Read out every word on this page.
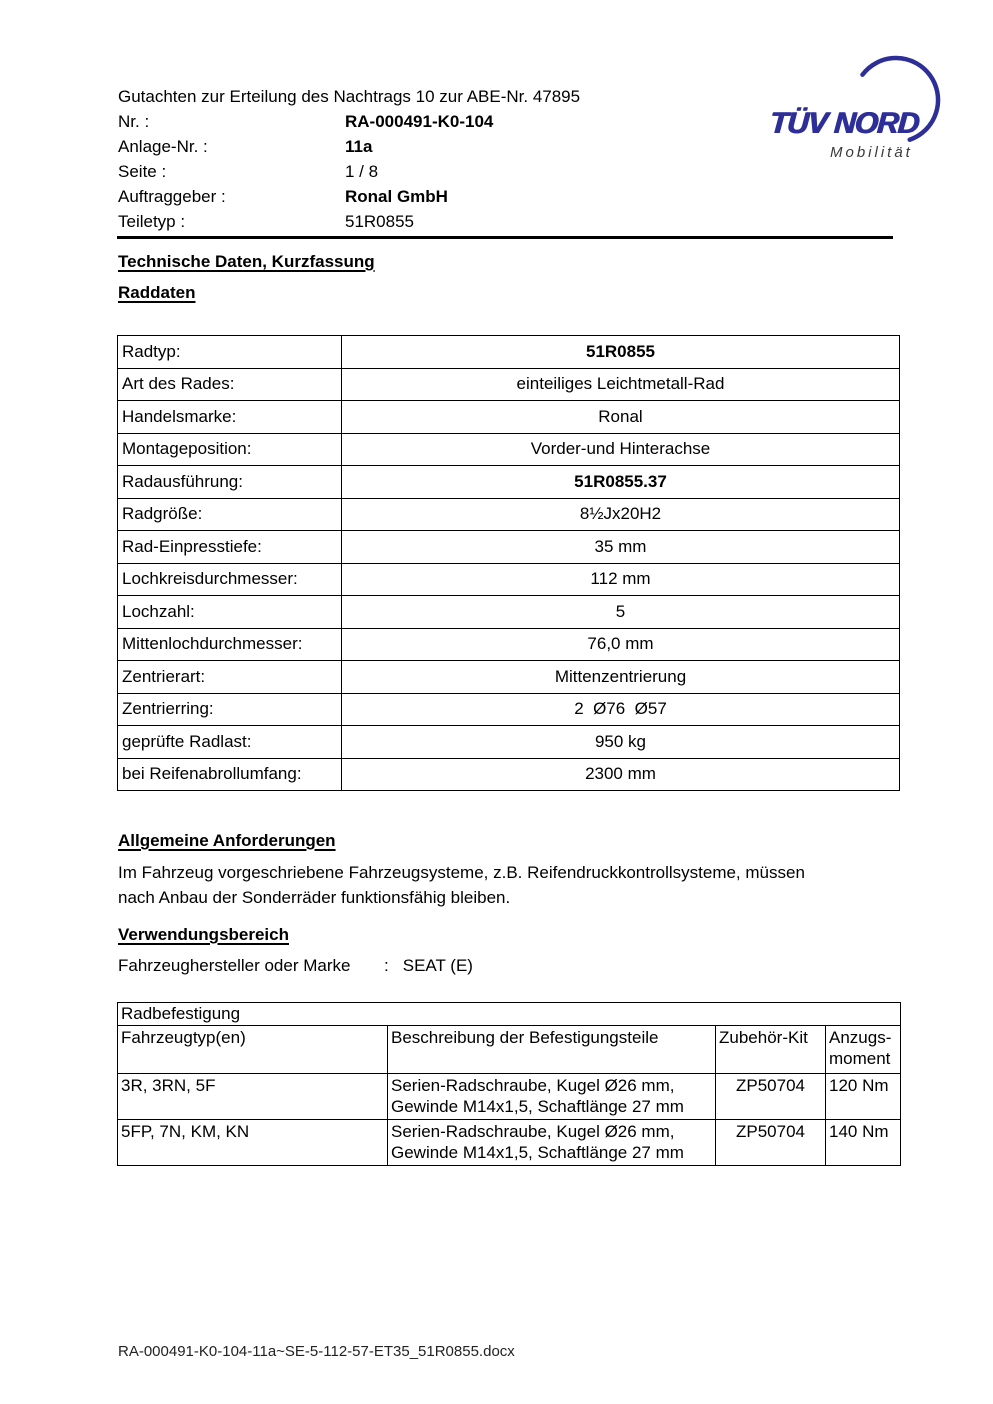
Gutachten zur Erteilung des Nachtrags 10 zur ABE-Nr. 47895
Nr. :	RA-000491-K0-104
Anlage-Nr. :	11a
Seite :	1 / 8
Auftraggeber :	Ronal GmbH
Teiletyp :	51R0855
TÜV NORD
Mobilität
Technische Daten, Kurzfassung
Raddaten
Radtyp:	51R0855
Art des Rades:	einteiliges Leichtmetall-Rad
Handelsmarke:	Ronal
Montageposition:	Vorder-und Hinterachse
Radausführung:	51R0855.37
Radgröße:	8½Jx20H2
Rad-Einpresstiefe:	35 mm
Lochkreisdurchmesser:	112 mm
Lochzahl:	5
Mittenlochdurchmesser:	76,0 mm
Zentrierart:	Mittenzentrierung
Zentrierring:	2  Ø76  Ø57
geprüfte Radlast:	950 kg
bei Reifenabrollumfang:	2300 mm
Allgemeine Anforderungen
Im Fahrzeug vorgeschriebene Fahrzeugsysteme, z.B. Reifendruckkontrollsysteme, müssen
nach Anbau der Sonderräder funktionsfähig bleiben.
Verwendungsbereich
Fahrzeughersteller oder Marke	: SEAT (E)
Radbefestigung			
Fahrzeugtyp(en)	Beschreibung der Befestigungsteile	Zubehör-Kit	Anzugs-moment
3R, 3RN, 5F	Serien-Radschraube, Kugel Ø26 mm,
Gewinde M14x1,5, Schaftlänge 27 mm	ZP50704	120 Nm
5FP, 7N, KM, KN	Serien-Radschraube, Kugel Ø26 mm,
Gewinde M14x1,5, Schaftlänge 27 mm	ZP50704	140 Nm
RA-000491-K0-104-11a~SE-5-112-57-ET35_51R0855.docx
